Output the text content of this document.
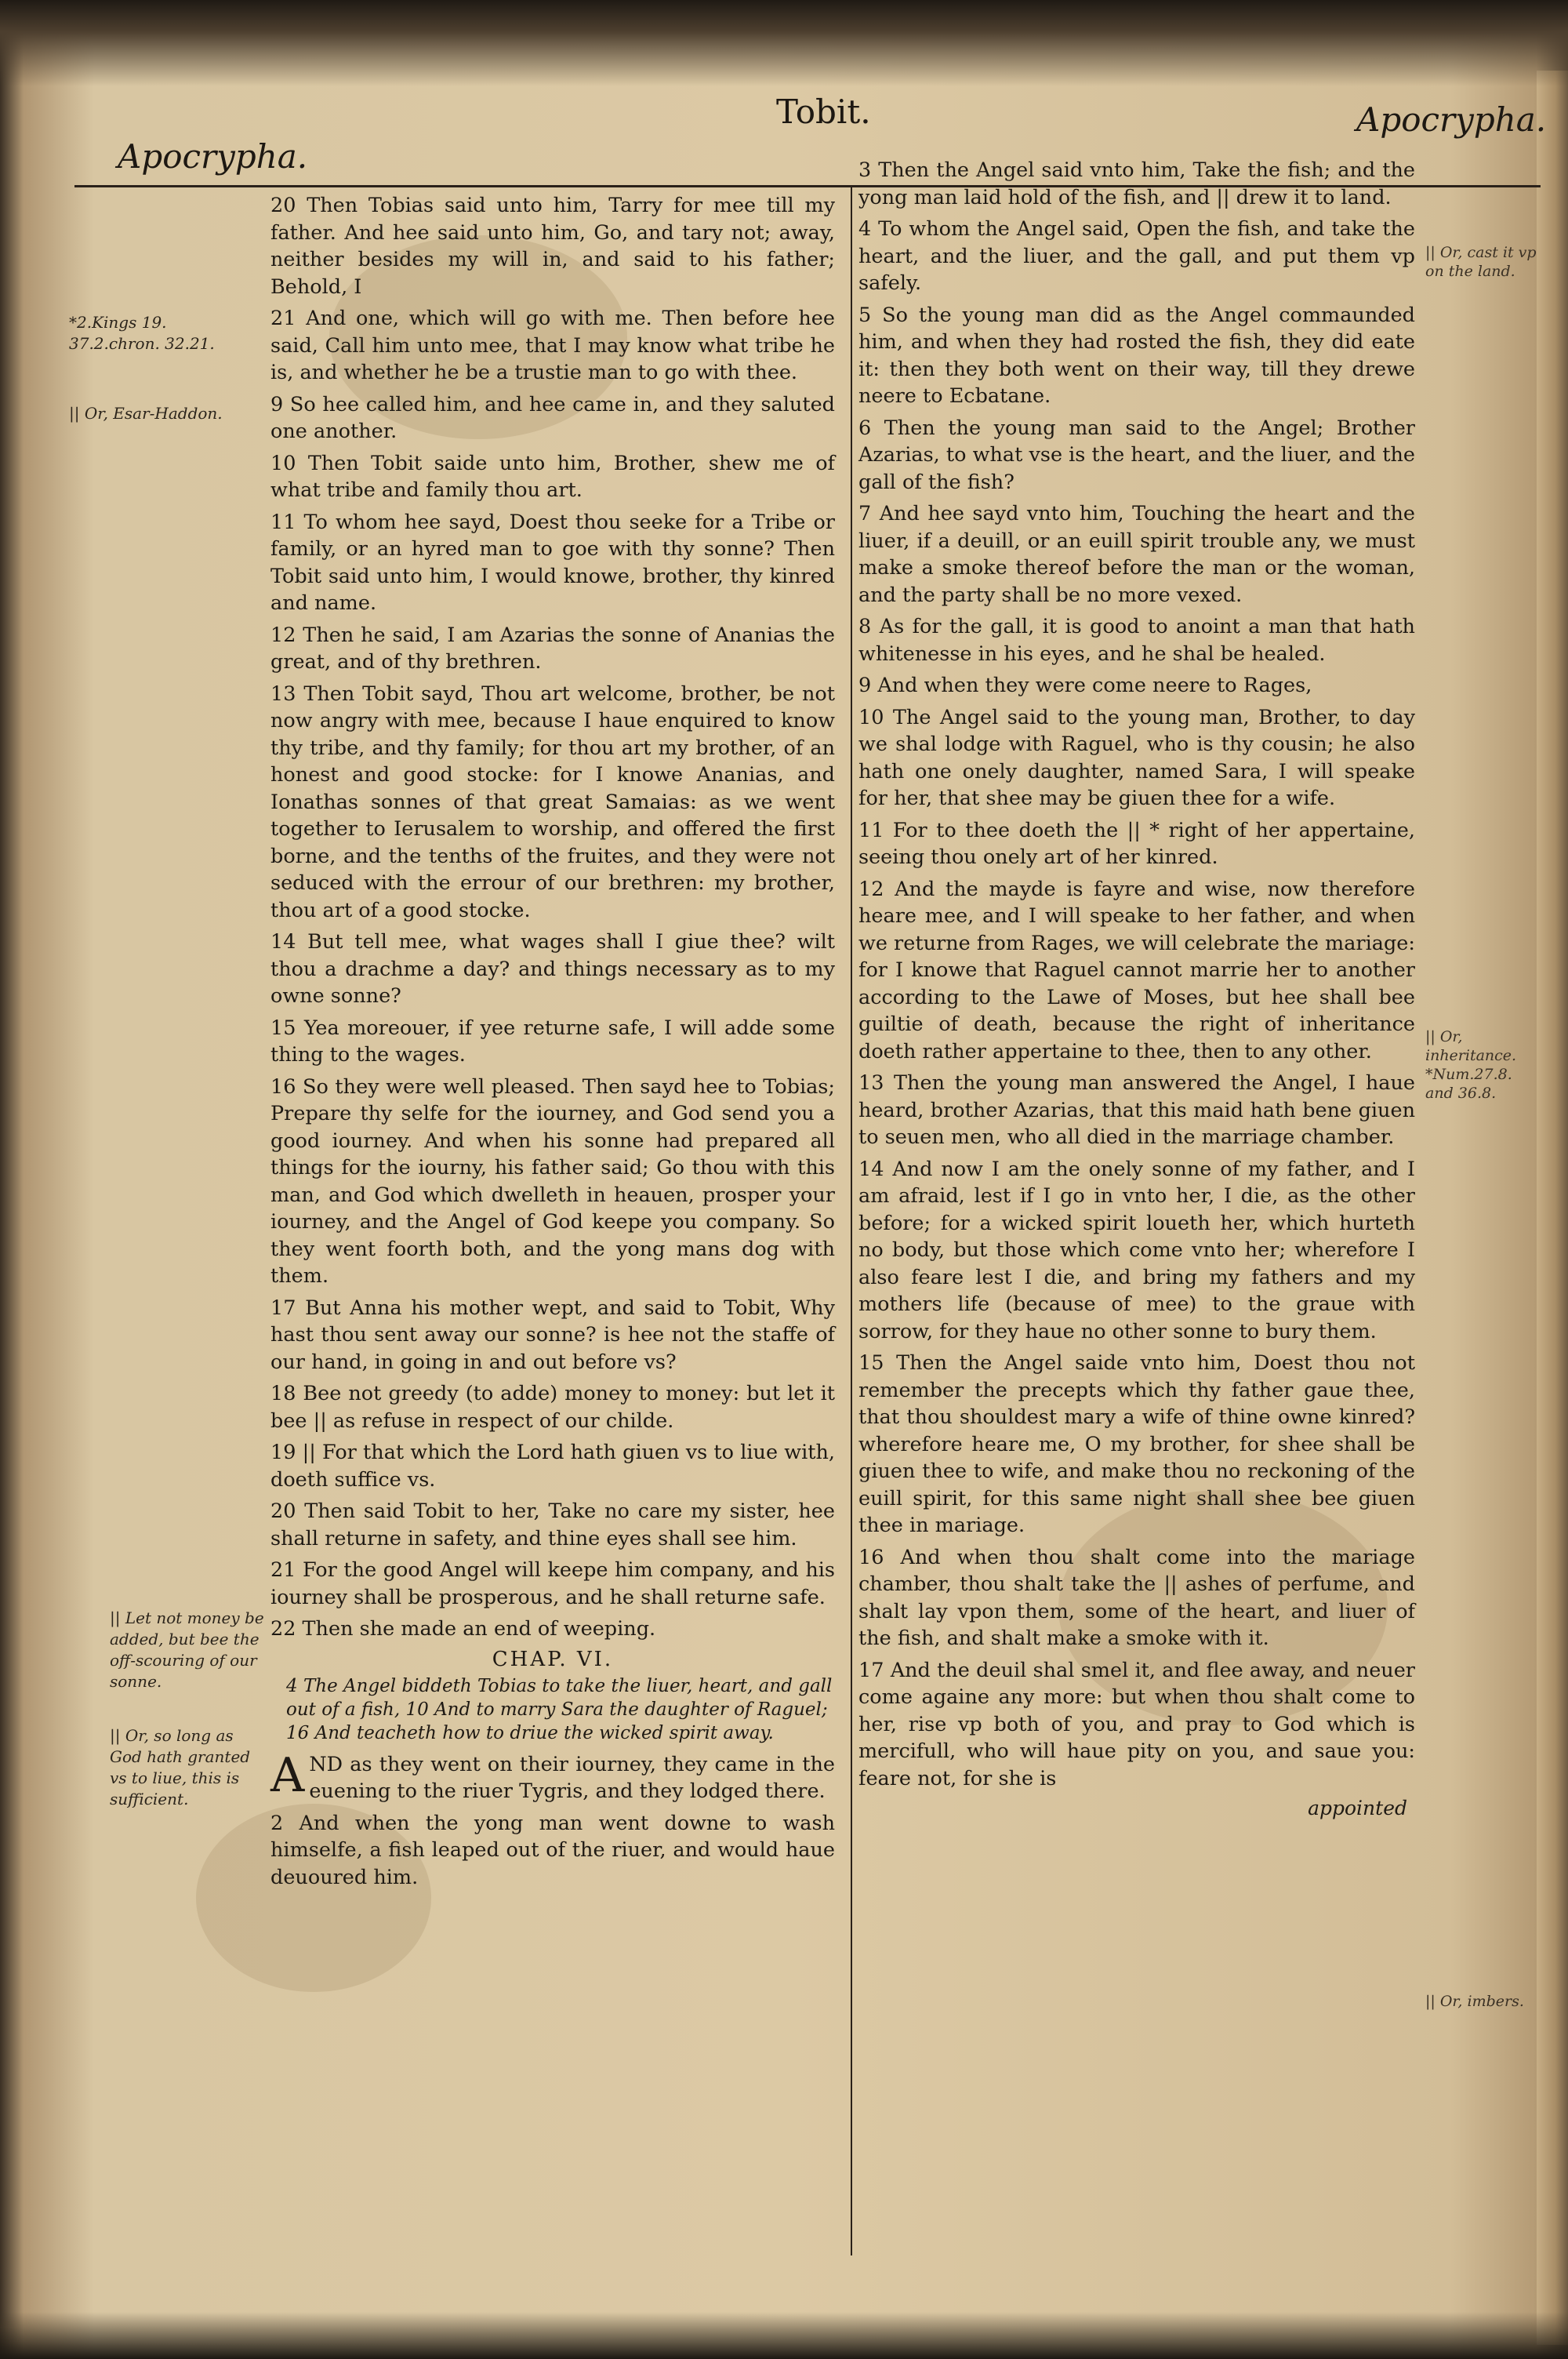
Apocrypha.
Tobit.	Apocrypha.
*2.Kings 19. 37.2.chron. 32.21.
|| Or, Esar-Haddon.
|| Let not money be added, but bee the off-scouring of our sonne.
|| Or, so long as God hath granted vs to liue, this is sufficient.
|| Or, cast it vp on the land.
|| Or, inheritance. *Num.27.8. and 36.8.
|| Or, imbers.

20 Then Tobias said unto him, Tarry for mee till my father. And hee said unto him, Go, and tary not; away, neither besides my will in, and said to his father; Behold, I

21 And one, which will go with me. Then before hee said, Call him unto mee, that I may know what tribe he is, and whether he be a trustie man to go with thee.

9 So hee called him, and hee came in, and they saluted one another.

10 Then Tobit saide unto him, Brother, shew me of what tribe and family thou art.

11 To whom hee sayd, Doest thou seeke for a Tribe or family, or an hyred man to goe with thy sonne? Then Tobit said unto him, I would knowe, brother, thy kinred and name.

12 Then he said, I am Azarias the sonne of Ananias the great, and of thy brethren.

13 Then Tobit sayd, Thou art welcome, brother, be not now angry with mee, because I haue enquired to know thy tribe, and thy family; for thou art my brother, of an honest and good stocke: for I knowe Ananias, and Ionathas sonnes of that great Samaias: as we went together to Ierusalem to worship, and offered the first borne, and the tenths of the fruites, and they were not seduced with the errour of our brethren: my brother, thou art of a good stocke.

14 But tell mee, what wages shall I giue thee? wilt thou a drachme a day? and things necessary as to my owne sonne?

15 Yea moreouer, if yee returne safe, I will adde some thing to the wages.

16 So they were well pleased. Then sayd hee to Tobias; Prepare thy selfe for the iourney, and God send you a good iourney. And when his sonne had prepared all things for the iourny, his father said; Go thou with this man, and God which dwelleth in heauen, prosper your iourney, and the Angel of God keepe you company. So they went foorth both, and the yong mans dog with them.

17 But Anna his mother wept, and said to Tobit, Why hast thou sent away our sonne? is hee not the staffe of our hand, in going in and out before vs?

18 Bee not greedy (to adde) money to money: but let it bee || as refuse in respect of our childe.

19 || For that which the Lord hath giuen vs to liue with, doeth suffice vs.

20 Then said Tobit to her, Take no care my sister, hee shall returne in safety, and thine eyes shall see him.

21 For the good Angel will keepe him company, and his iourney shall be prosperous, and he shall returne safe.

22 Then she made an end of weeping.

CHAP. VI.
4 The Angel biddeth Tobias to take the liuer, heart, and gall out of a fish, 10 And to marry Sara the daughter of Raguel; 16 And teacheth how to driue the wicked spirit away.

AND as they went on their iourney, they came in the euening to the riuer Tygris, and they lodged there.

2 And when the yong man went downe to wash himselfe, a fish leaped out of the riuer, and would haue deuoured him.

3 Then the Angel said vnto him, Take the fish; and the yong man laid hold of the fish, and || drew it to land.

4 To whom the Angel said, Open the fish, and take the heart, and the liuer, and the gall, and put them vp safely.

5 So the young man did as the Angel commaunded him, and when they had rosted the fish, they did eate it: then they both went on their way, till they drewe neere to Ecbatane.

6 Then the young man said to the Angel; Brother Azarias, to what vse is the heart, and the liuer, and the gall of the fish?

7 And hee sayd vnto him, Touching the heart and the liuer, if a deuill, or an euill spirit trouble any, we must make a smoke thereof before the man or the woman, and the party shall be no more vexed.

8 As for the gall, it is good to anoint a man that hath whitenesse in his eyes, and he shal be healed.

9 And when they were come neere to Rages,

10 The Angel said to the young man, Brother, to day we shal lodge with Raguel, who is thy cousin; he also hath one onely daughter, named Sara, I will speake for her, that shee may be giuen thee for a wife.

11 For to thee doeth the || * right of her appertaine, seeing thou onely art of her kinred.

12 And the mayde is fayre and wise, now therefore heare mee, and I will speake to her father, and when we returne from Rages, we will celebrate the mariage: for I knowe that Raguel cannot marrie her to another according to the Lawe of Moses, but hee shall bee guiltie of death, because the right of inheritance doeth rather appertaine to thee, then to any other.

13 Then the young man answered the Angel, I haue heard, brother Azarias, that this maid hath bene giuen to seuen men, who all died in the marriage chamber.

14 And now I am the onely sonne of my father, and I am afraid, lest if I go in vnto her, I die, as the other before; for a wicked spirit loueth her, which hurteth no body, but those which come vnto her; wherefore I also feare lest I die, and bring my fathers and my mothers life (because of mee) to the graue with sorrow, for they haue no other sonne to bury them.

15 Then the Angel saide vnto him, Doest thou not remember the precepts which thy father gaue thee, that thou shouldest mary a wife of thine owne kinred? wherefore heare me, O my brother, for shee shall be giuen thee to wife, and make thou no reckoning of the euill spirit, for this same night shall shee bee giuen thee in mariage.

16 And when thou shalt come into the mariage chamber, thou shalt take the || ashes of perfume, and shalt lay vpon them, some of the heart, and liuer of the fish, and shalt make a smoke with it.

17 And the deuil shal smel it, and flee away, and neuer come againe any more: but when thou shalt come to her, rise vp both of you, and pray to God which is mercifull, who will haue pity on you, and saue you: feare not, for she is

appointed
